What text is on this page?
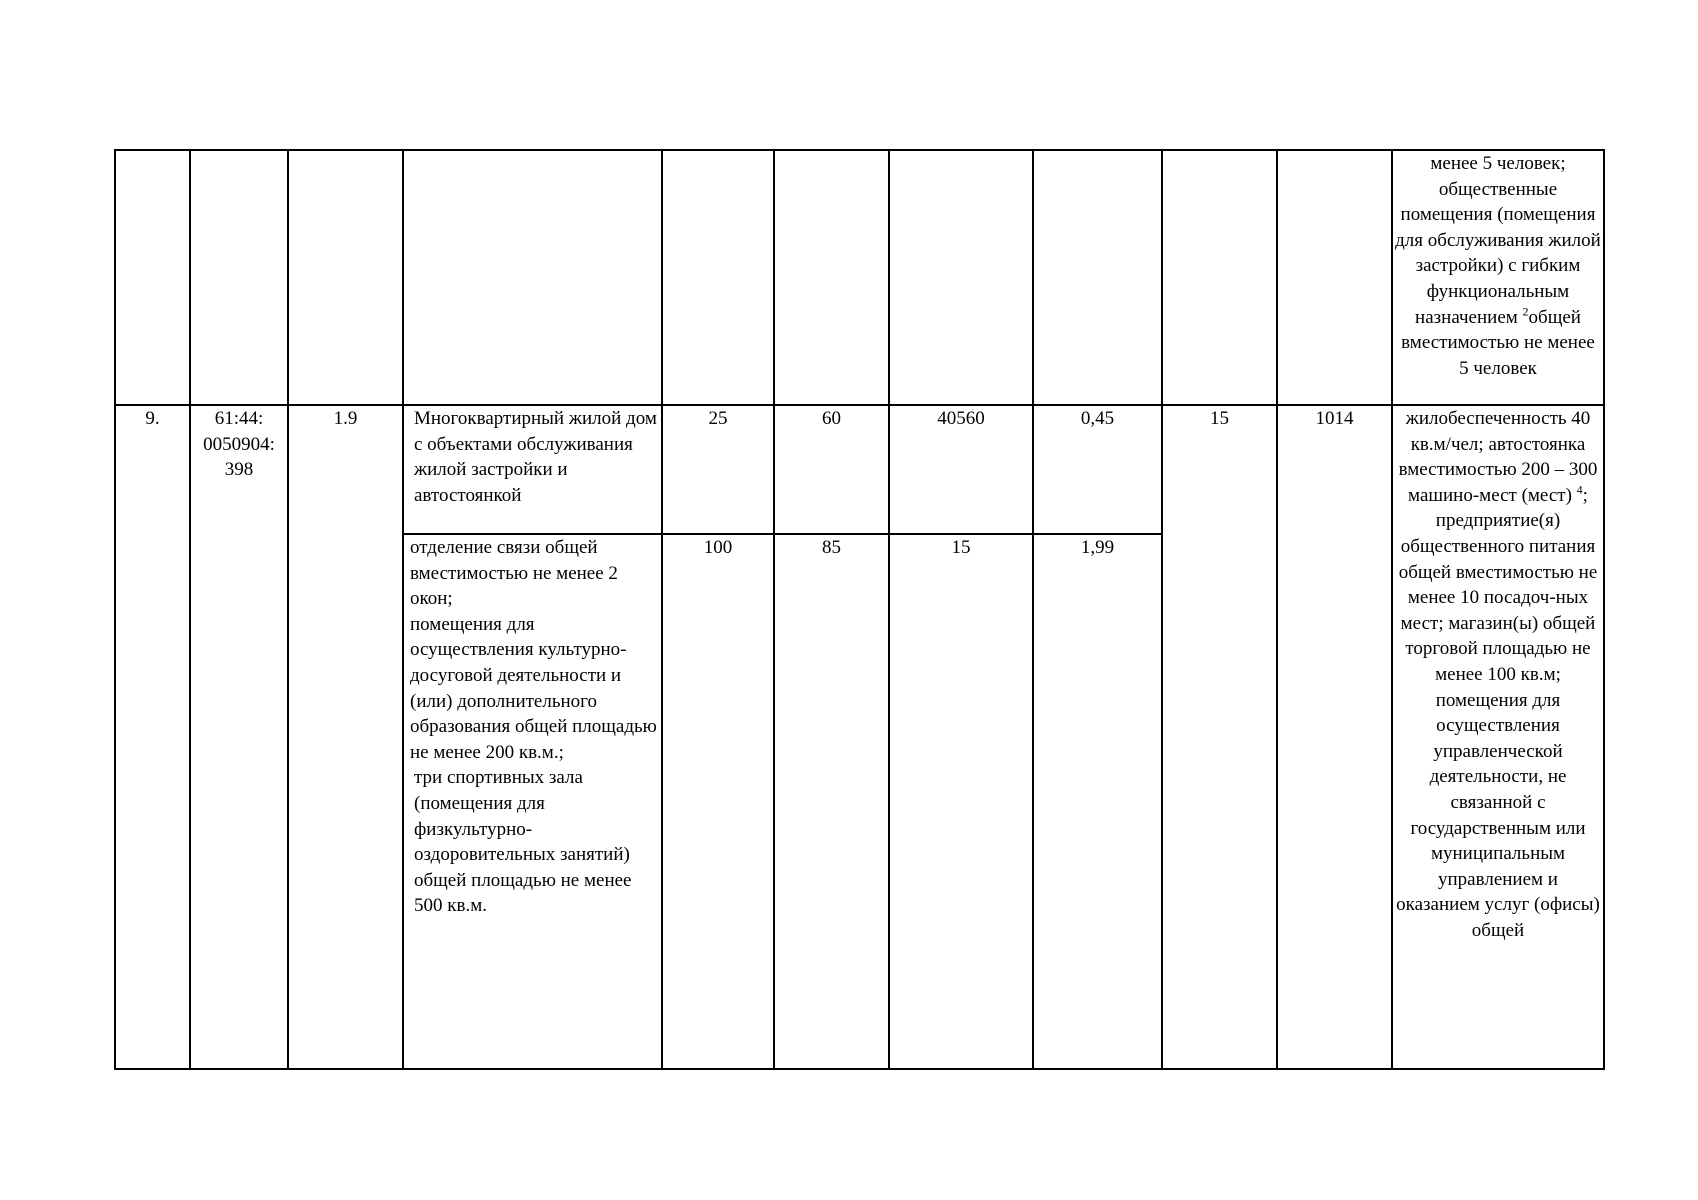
										менее 5 человек; общественные помещения (помещения для обслуживания жилой застройки) с гибким функциональным назначением $^2$общей вместимостью не менее 5 человек
9.	61:44: 0050904: 398	1.9	Многоквартирный жилой дом с объектами обслуживания жилой застройки и автостоянкой	25	60	40560	0,45	15	1014	жилобеспеченность 40 кв.м/чел; автостоянка вместимостью 200 – 300 машино-мест (мест) $^4$; предприятие(я) общественного питания общей вместимостью не менее 10 посадоч-ных мест; магазин(ы) общей торговой площадью не менее 100 кв.м; помещения для осуществления управленческой деятельности, не связанной с государственным или муниципальным управлением и оказанием услуг (офисы) общей

			отделение связи общей вместимостью не менее 2 окон;
помещения для осуществления культурно-досуговой деятельности и (или) дополнительного образования общей площадью не менее 200 кв.м.;
три спортивных зала (помещения для физкультурно-оздоровительных занятий) общей площадью не менее 500 кв.м.	100	85	15	1,99			
